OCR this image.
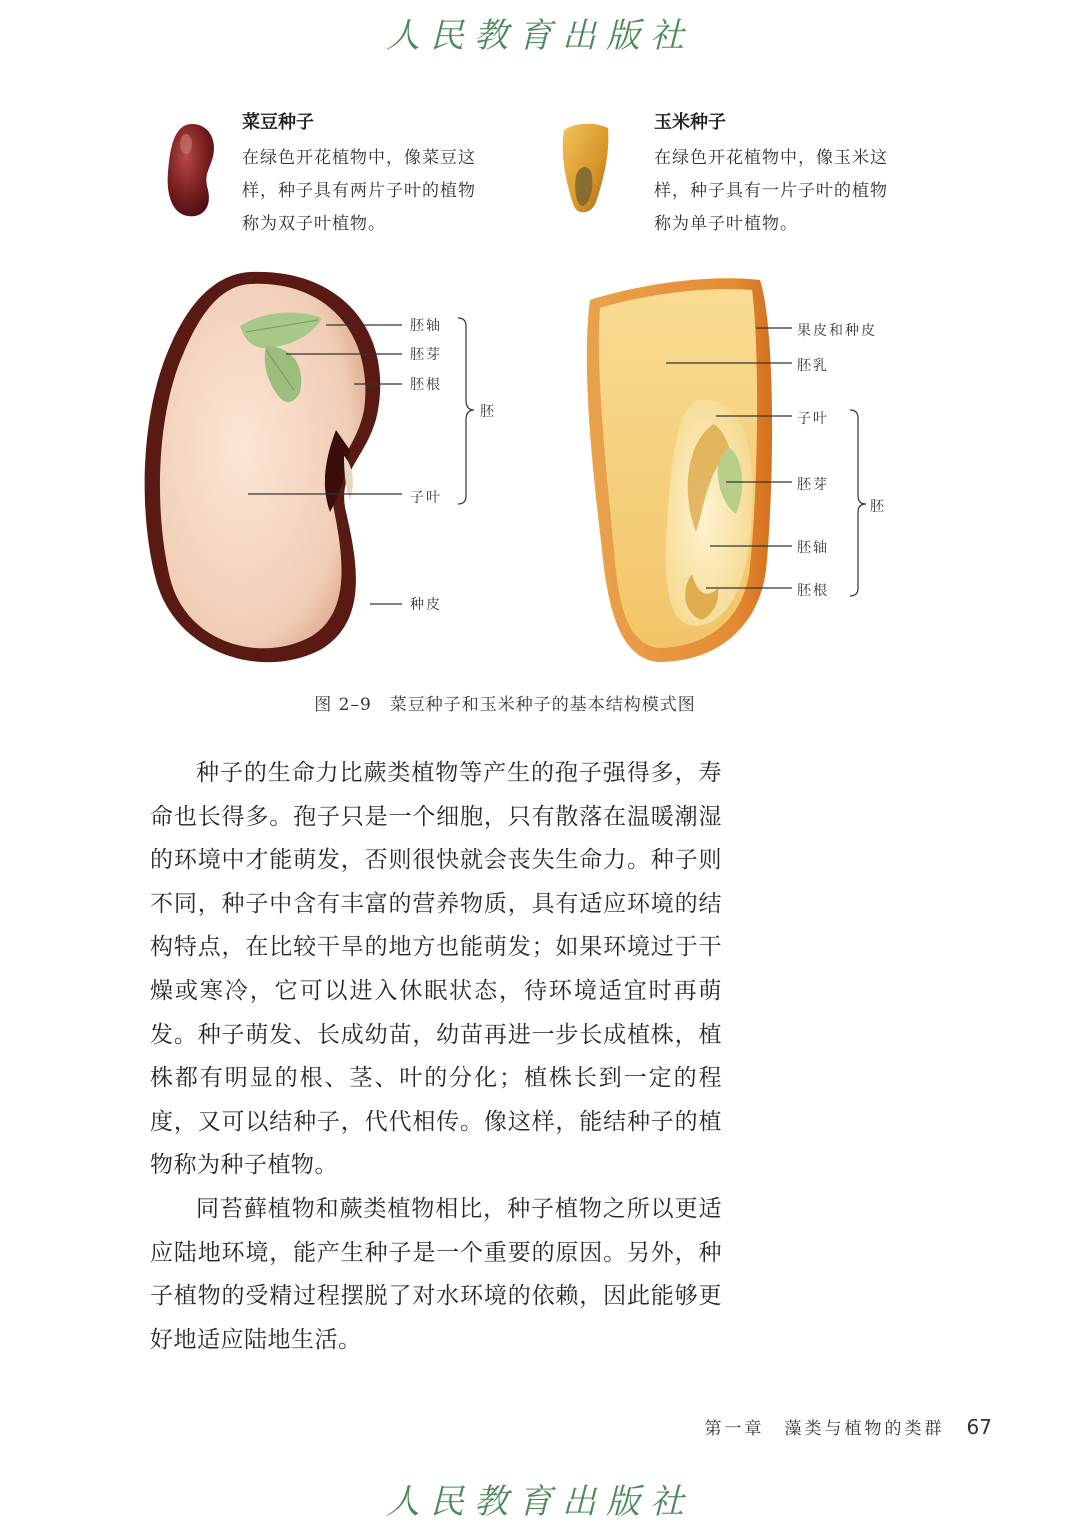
人民教育出版社
菜豆种子
在绿色开花植物中，像菜豆这样，种子具有两片子叶的植物称为双子叶植物。
玉米种子
在绿色开花植物中，像玉米这样，种子具有一片子叶的植物称为单子叶植物。
胚轴
胚芽
胚根
胚
子叶
种皮
果皮和种皮
胚乳
子叶
胚芽
胚
胚轴
胚根
图 2–9　菜豆种子和玉米种子的基本结构模式图

种子的生命力比蕨类植物等产生的孢子强得多，寿命也长得多。孢子只是一个细胞，只有散落在温暖潮湿的环境中才能萌发，否则很快就会丧失生命力。种子则不同，种子中含有丰富的营养物质，具有适应环境的结构特点，在比较干旱的地方也能萌发；如果环境过于干燥或寒冷，它可以进入休眠状态，待环境适宜时再萌发。种子萌发、长成幼苗，幼苗再进一步长成植株，植株都有明显的根、茎、叶的分化；植株长到一定的程度，又可以结种子，代代相传。像这样，能结种子的植物称为种子植物。

同苔藓植物和蕨类植物相比，种子植物之所以更适应陆地环境，能产生种子是一个重要的原因。另外，种子植物的受精过程摆脱了对水环境的依赖，因此能够更好地适应陆地生活。

第一章　藻类与植物的类群 67
人民教育出版社
